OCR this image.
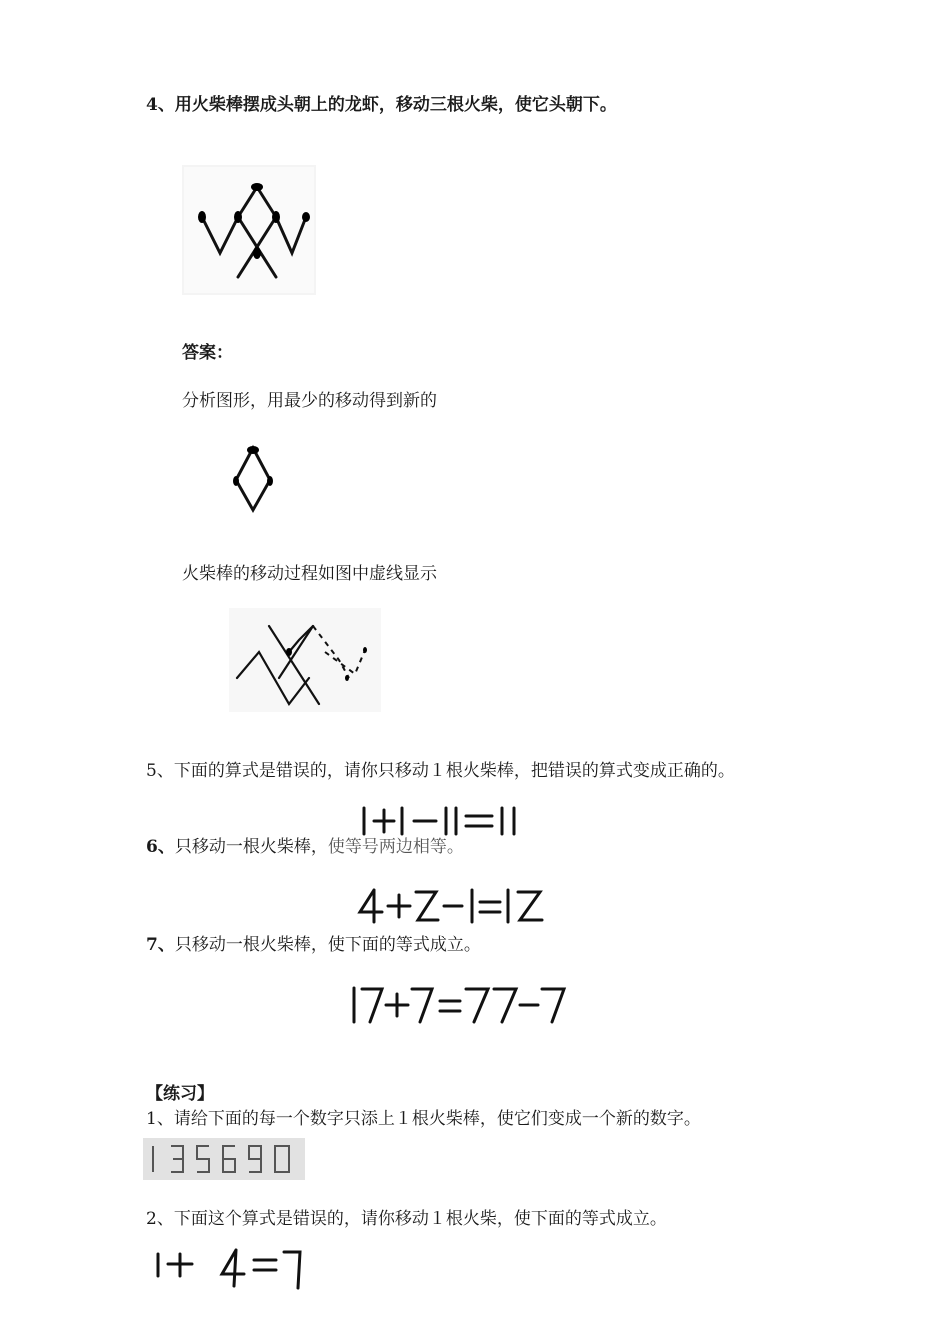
4、用火柴棒摆成头朝上的龙虾，移动三根火柴，使它头朝下。
答案：
分析图形，用最少的移动得到新的
火柴棒的移动过程如图中虚线显示
5、下面的算式是错误的，请你只移动１根火柴棒，把错误的算式变成正确的。
6、只移动一根火柴棒，使等号两边相等。
7、只移动一根火柴棒，使下面的等式成立。
【练习】
1、请给下面的每一个数字只添上１根火柴棒，使它们变成一个新的数字。
2、下面这个算式是错误的，请你移动１根火柴，使下面的等式成立。
